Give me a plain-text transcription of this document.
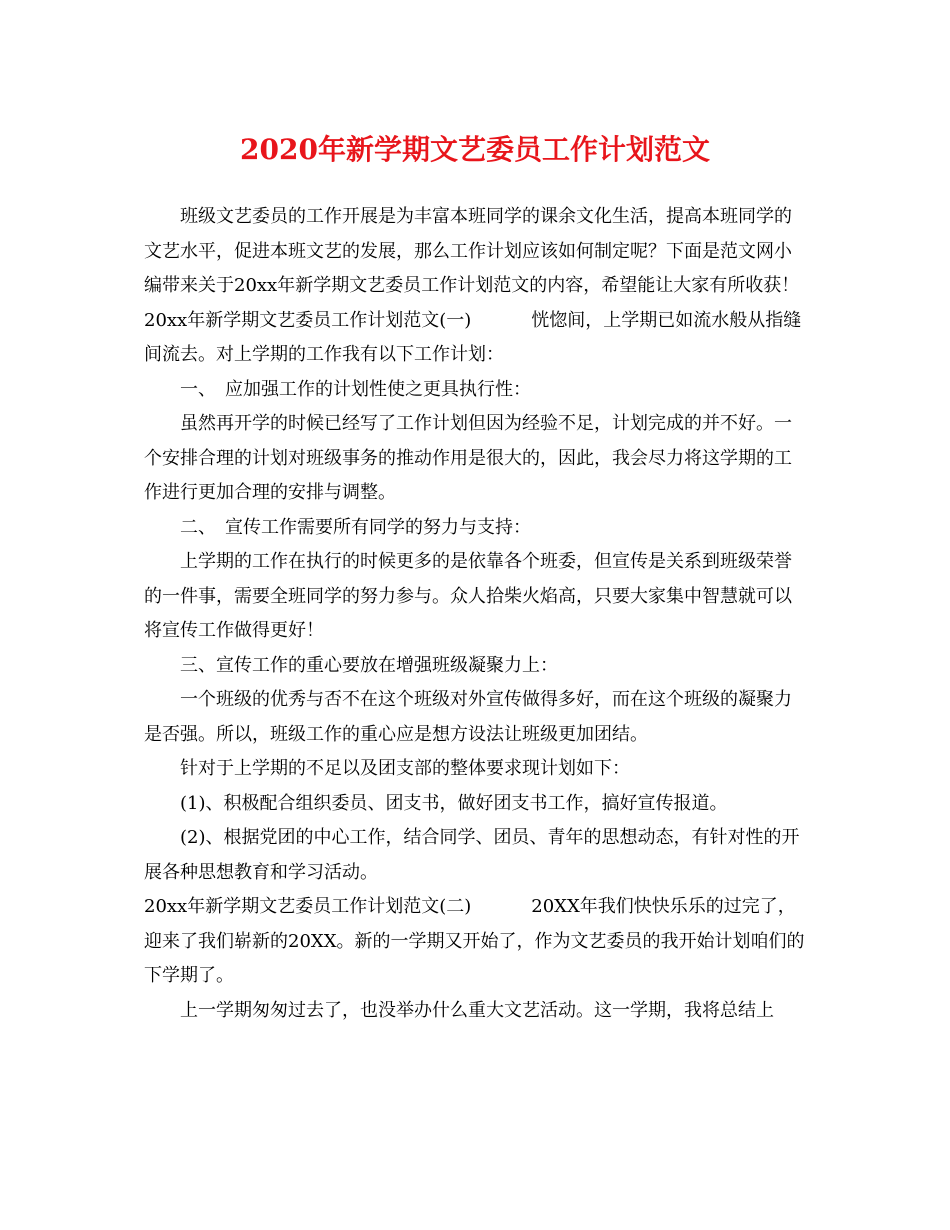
2020年新学期文艺委员工作计划范文

班级文艺委员的工作开展是为丰富本班同学的课余文化生活，提高本班同学的文艺水平，促进本班文艺的发展，那么工作计划应该如何制定呢？下面是范文网小编带来关于20xx年新学期文艺委员工作计划范文的内容，希望能让大家有所收获！

20xx年新学期文艺委员工作计划范文(一)	恍惚间，上学期已如流水般从指缝间流去。对上学期的工作我有以下工作计划：

一、　应加强工作的计划性使之更具执行性：

虽然再开学的时候已经写了工作计划但因为经验不足，计划完成的并不好。一个安排合理的计划对班级事务的推动作用是很大的，因此，我会尽力将这学期的工作进行更加合理的安排与调整。

二、　宣传工作需要所有同学的努力与支持：

上学期的工作在执行的时候更多的是依靠各个班委，但宣传是关系到班级荣誉的一件事，需要全班同学的努力参与。众人拾柴火焰高，只要大家集中智慧就可以将宣传工作做得更好！

三、宣传工作的重心要放在增强班级凝聚力上：

一个班级的优秀与否不在这个班级对外宣传做得多好，而在这个班级的凝聚力是否强。所以，班级工作的重心应是想方设法让班级更加团结。

针对于上学期的不足以及团支部的整体要求现计划如下：

(1)、积极配合组织委员、团支书，做好团支书工作，搞好宣传报道。

(2)、根据党团的中心工作，结合同学、团员、青年的思想动态，有针对性的开展各种思想教育和学习活动。

20xx年新学期文艺委员工作计划范文(二)	20XX年我们快快乐乐的过完了，迎来了我们崭新的20XX。新的一学期又开始了，作为文艺委员的我开始计划咱们的下学期了。

上一学期匆匆过去了，也没举办什么重大文艺活动。这一学期，我将总结上
